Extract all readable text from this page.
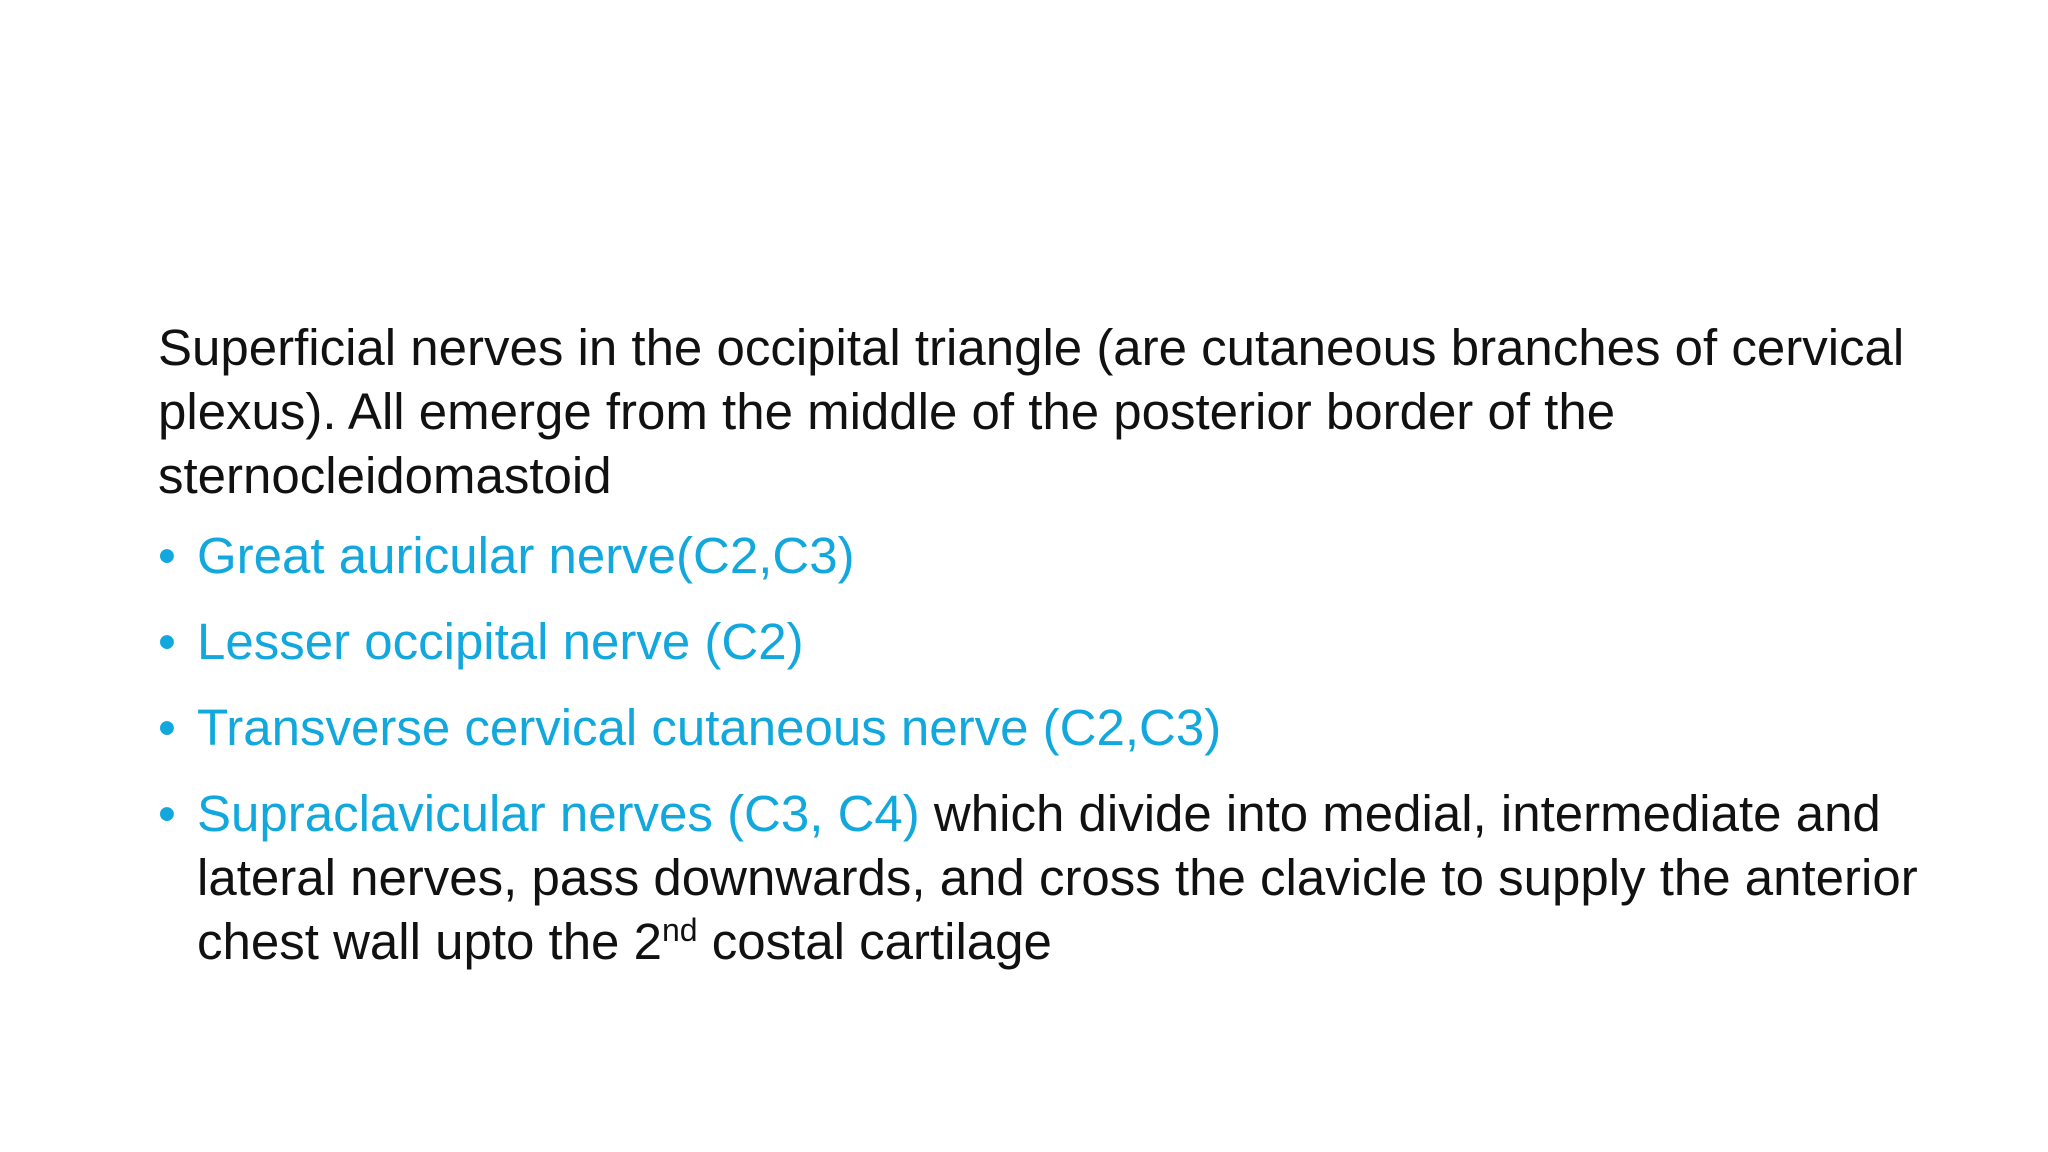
Superficial nerves in the occipital triangle (are cutaneous branches of cervical plexus). All emerge from the middle of the posterior border of the sternocleidomastoid

• Great auricular nerve(C2,C3)
• Lesser occipital nerve (C2)
• Transverse cervical cutaneous nerve (C2,C3)
• Supraclavicular nerves (C3, C4) which divide into medial, intermediate and lateral nerves, pass downwards, and cross the clavicle to supply the anterior chest wall upto the 2nd costal cartilage
